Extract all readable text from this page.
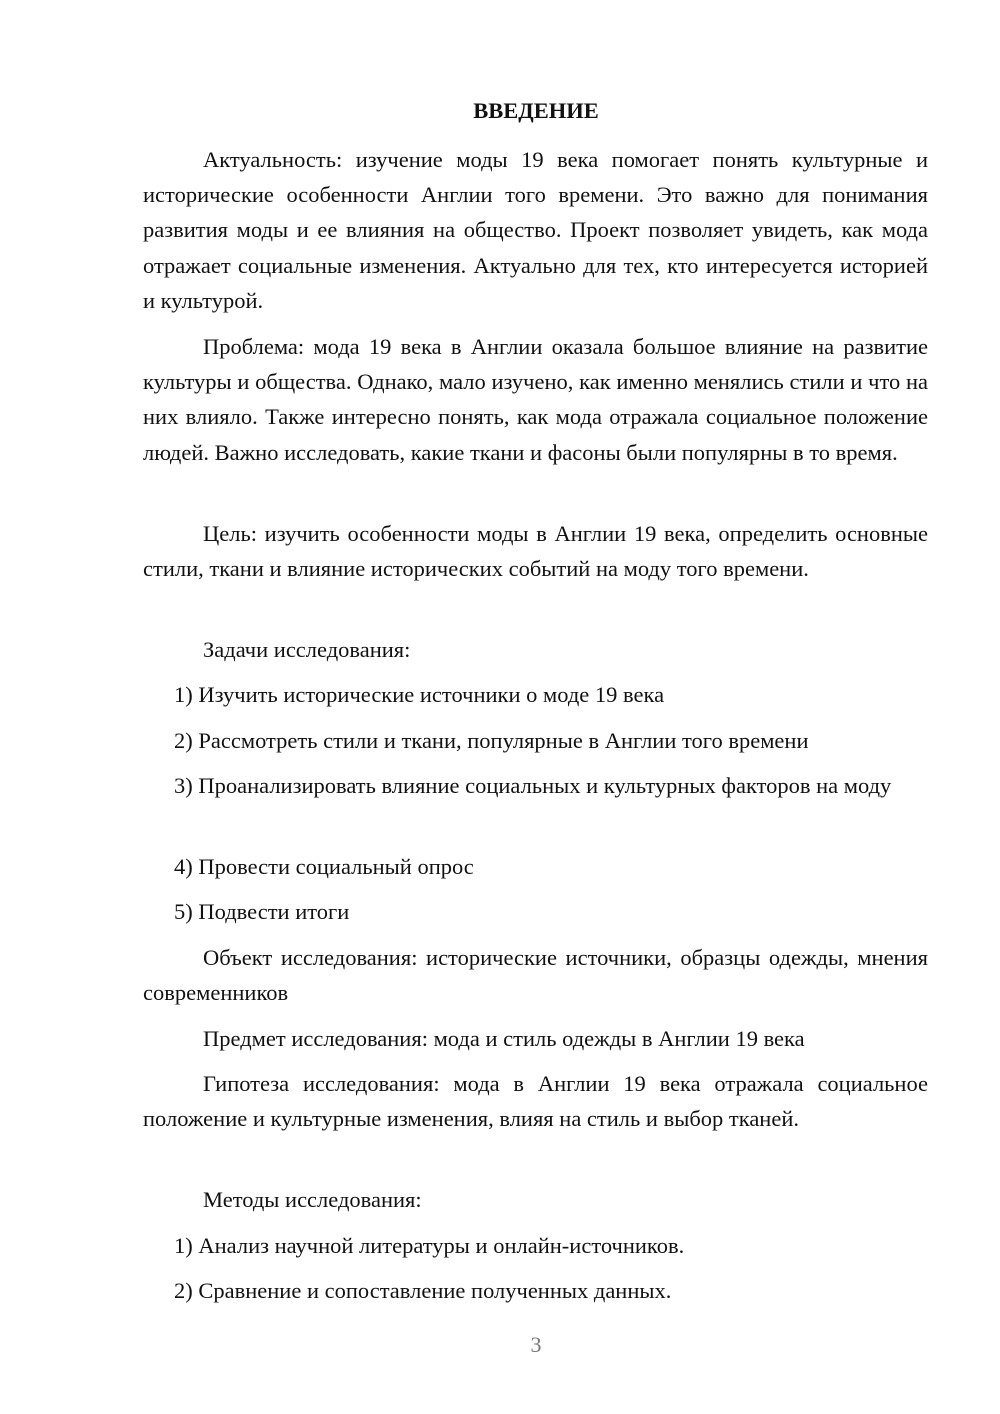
ВВЕДЕНИЕ

Актуальность: изучение моды 19 века помогает понять культурные и исторические особенности Англии того времени. Это важно для понимания развития моды и ее влияния на общество. Проект позволяет увидеть, как мода отражает социальные изменения. Актуально для тех, кто интересуется историей и культурой.

Проблема: мода 19 века в Англии оказала большое влияние на развитие культуры и общества. Однако, мало изучено, как именно менялись стили и что на них влияло. Также интересно понять, как мода отражала социальное положение людей. Важно исследовать, какие ткани и фасоны были популярны в то время.

Цель: изучить особенности моды в Англии 19 века, определить основные стили, ткани и влияние исторических событий на моду того времени.

Задачи исследования:

1) Изучить исторические источники о моде 19 века

2) Рассмотреть стили и ткани, популярные в Англии того времени

3) Проанализировать влияние социальных и культурных факторов на моду

4) Провести социальный опрос

5) Подвести итоги

Объект исследования: исторические источники, образцы одежды, мнения современников

Предмет исследования: мода и стиль одежды в Англии 19 века

Гипотеза исследования: мода в Англии 19 века отражала социальное положение и культурные изменения, влияя на стиль и выбор тканей.

Методы исследования:

1) Анализ научной литературы и онлайн-источников.

2) Сравнение и сопоставление полученных данных.

3
